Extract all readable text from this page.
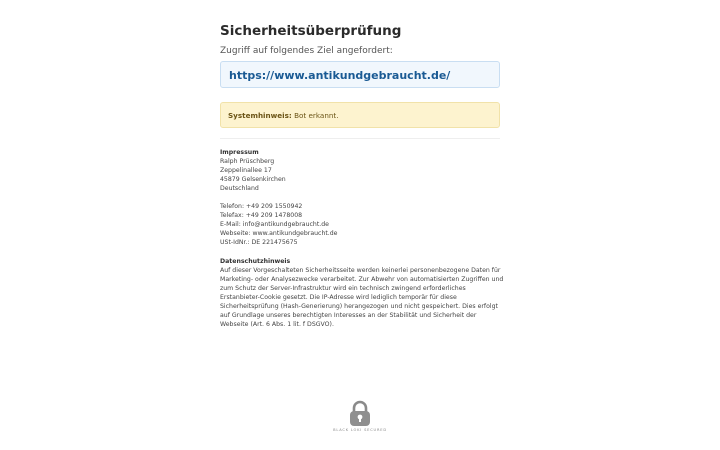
Sicherheitsüberprüfung
Zugriff auf folgendes Ziel angefordert:
https://www.antikundgebraucht.de/
Systemhinweis: Bot erkannt.
Impressum
Ralph Prüschberg
Zeppelinallee 17
45879 Gelsenkirchen
Deutschland
Telefon: +49 209 1550942
Telefax: +49 209 1478008
E-Mail: info@antikundgebraucht.de
Webseite: www.antikundgebraucht.de
USt-IdNr.: DE 221475675
Datenschutzhinweis
Auf dieser Vorgeschalteten Sicherheitsseite werden keinerlei personenbezogene Daten für Marketing- oder Analysezwecke verarbeitet. Zur Abwehr von automatisierten Zugriffen und zum Schutz der Server-Infrastruktur wird ein technisch zwingend erforderliches Erstanbieter-Cookie gesetzt. Die IP-Adresse wird lediglich temporär für diese Sicherheitsprüfung (Hash-Generierung) herangezogen und nicht gespeichert. Dies erfolgt auf Grundlage unseres berechtigten Interesses an der Stabilität und Sicherheit der Webseite (Art. 6 Abs. 1 lit. f DSGVO).
BLACK LOKI SECURED
